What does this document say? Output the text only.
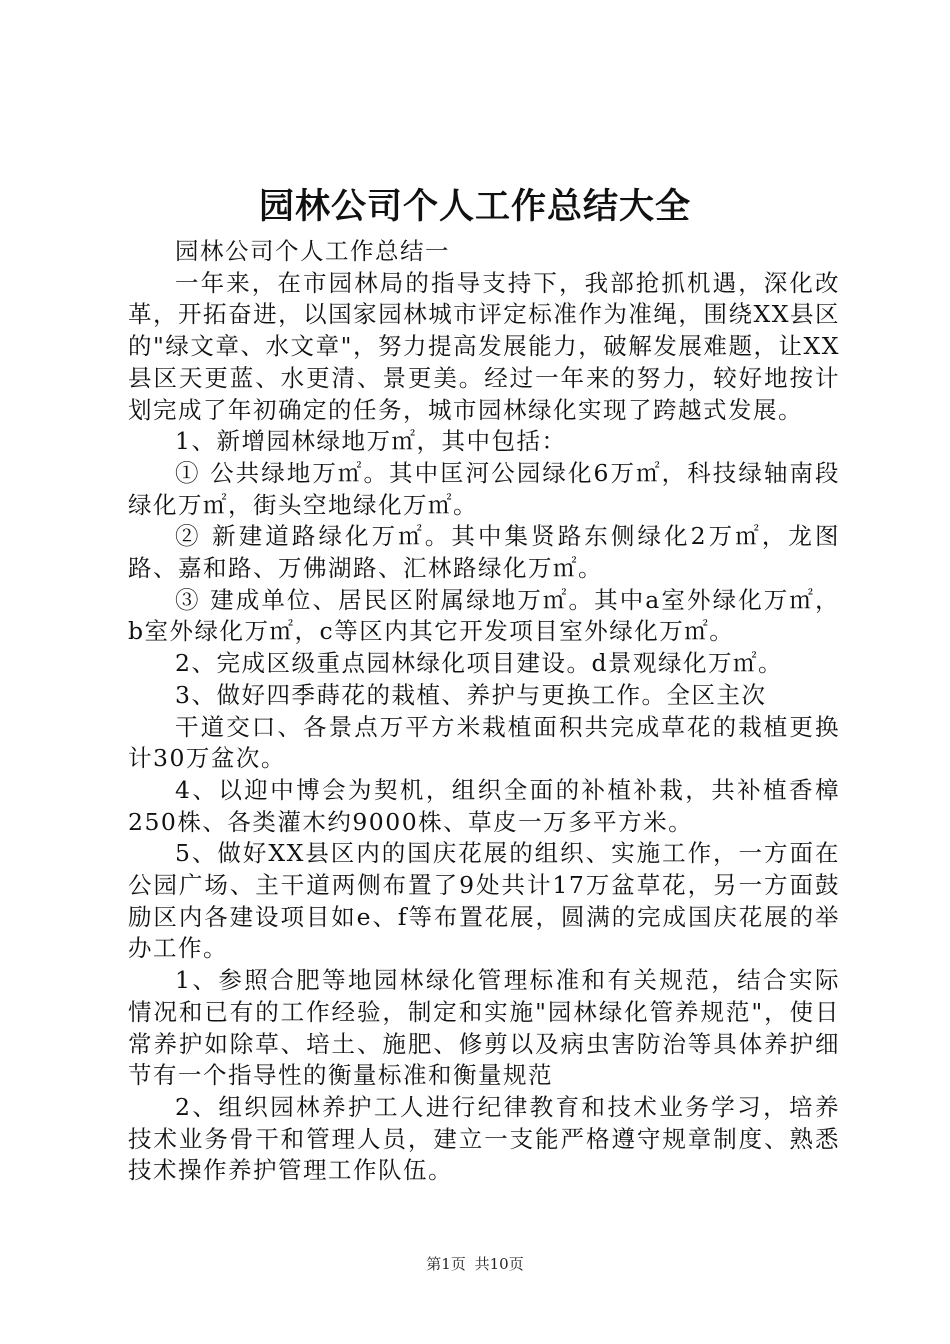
园林公司个人工作总结大全

园林公司个人工作总结一

一年来，在市园林局的指导支持下，我部抢抓机遇，深化改革，开拓奋进，以国家园林城市评定标准作为准绳，围绕XX县区的"绿文章、水文章"，努力提高发展能力，破解发展难题，让XX县区天更蓝、水更清、景更美。经过一年来的努力，较好地按计划完成了年初确定的任务，城市园林绿化实现了跨越式发展。

1、新增园林绿地万㎡，其中包括：

① 公共绿地万㎡。其中匡河公园绿化6万㎡，科技绿轴南段绿化万㎡，街头空地绿化万㎡。

② 新建道路绿化万㎡。其中集贤路东侧绿化2万㎡，龙图路、嘉和路、万佛湖路、汇林路绿化万㎡。

③ 建成单位、居民区附属绿地万㎡。其中a室外绿化万㎡，b室外绿化万㎡，c等区内其它开发项目室外绿化万㎡。

2、完成区级重点园林绿化项目建设。d景观绿化万㎡。

3、做好四季蒔花的栽植、养护与更换工作。全区主次

干道交口、各景点万平方米栽植面积共完成草花的栽植更换计30万盆次。

4、以迎中博会为契机，组织全面的补植补栽，共补植香樟250株、各类灌木约9000株、草皮一万多平方米。

5、做好XX县区内的国庆花展的组织、实施工作，一方面在公园广场、主干道两侧布置了9处共计17万盆草花，另一方面鼓励区内各建设项目如e、f等布置花展，圆满的完成国庆花展的举办工作。

1、参照合肥等地园林绿化管理标准和有关规范，结合实际情况和已有的工作经验，制定和实施"园林绿化管养规范"，使日常养护如除草、培土、施肥、修剪以及病虫害防治等具体养护细节有一个指导性的衡量标准和衡量规范

2、组织园林养护工人进行纪律教育和技术业务学习，培养技术业务骨干和管理人员，建立一支能严格遵守规章制度、熟悉技术操作养护管理工作队伍。

第1页 共10页
